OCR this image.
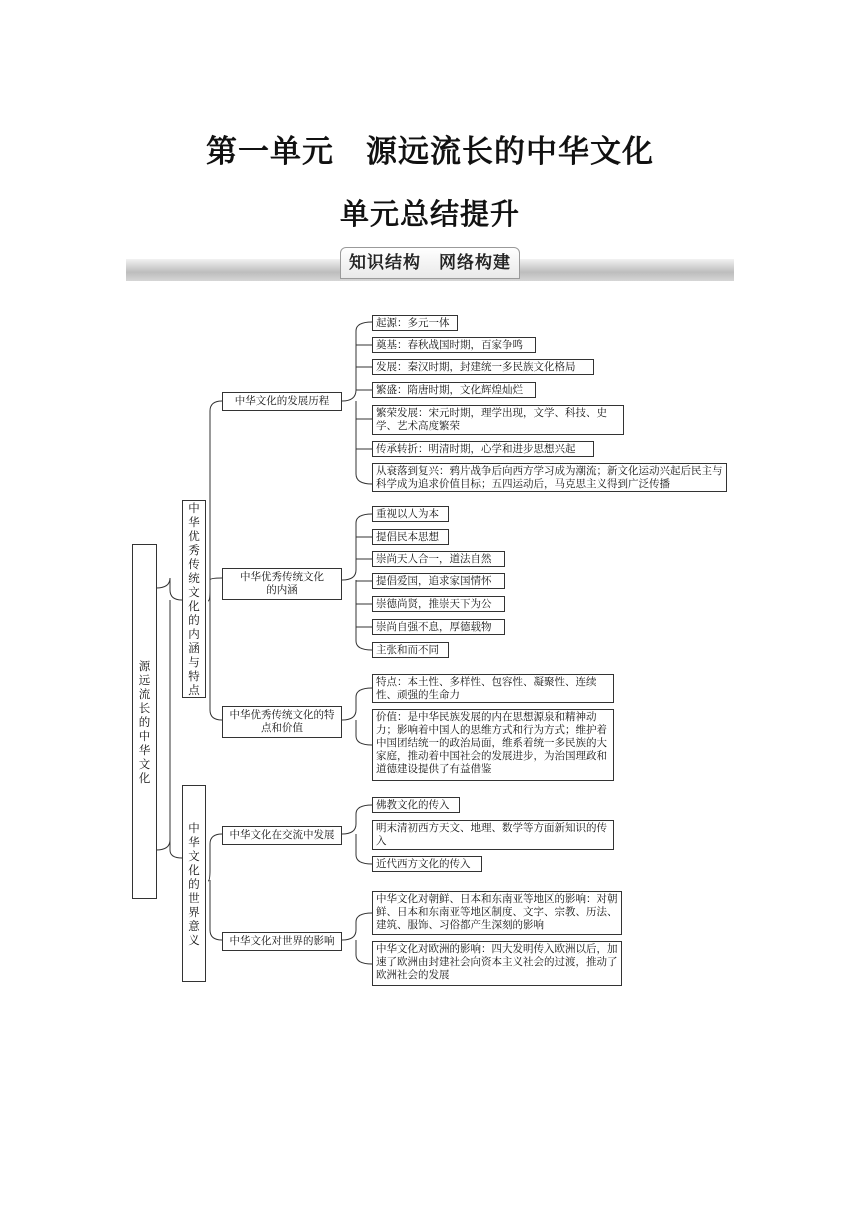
第一单元　源远流长的中华文化
单元总结提升
知识结构　网络构建
源远流长的中华文化
中华优秀传统文化的内涵与特点
中华文化的世界意义
中华文化的发展历程
中华优秀传统文化的内涵
中华优秀传统文化的特点和价值
中华文化在交流中发展
中华文化对世界的影响
起源：多元一体
奠基：春秋战国时期，百家争鸣
发展：秦汉时期，封建统一多民族文化格局
繁盛：隋唐时期，文化辉煌灿烂
繁荣发展：宋元时期，理学出现，文学、科技、史学、艺术高度繁荣
传承转折：明清时期，心学和进步思想兴起
从衰落到复兴：鸦片战争后向西方学习成为潮流；新文化运动兴起后民主与科学成为追求价值目标；五四运动后，马克思主义得到广泛传播
重视以人为本
提倡民本思想
崇尚天人合一，道法自然
提倡爱国，追求家国情怀
崇德尚贤，推崇天下为公
崇尚自强不息，厚德载物
主张和而不同
特点：本土性、多样性、包容性、凝聚性、连续性、顽强的生命力
价值：是中华民族发展的内在思想源泉和精神动力；影响着中国人的思维方式和行为方式；维护着中国团结统一的政治局面，维系着统一多民族的大家庭，推动着中国社会的发展进步，为治国理政和道德建设提供了有益借鉴
佛教文化的传入
明末清初西方天文、地理、数学等方面新知识的传入
近代西方文化的传入
中华文化对朝鲜、日本和东南亚等地区的影响：对朝鲜、日本和东南亚等地区制度、文字、宗教、历法、建筑、服饰、习俗都产生深刻的影响
中华文化对欧洲的影响：四大发明传入欧洲以后，加速了欧洲由封建社会向资本主义社会的过渡，推动了欧洲社会的发展
